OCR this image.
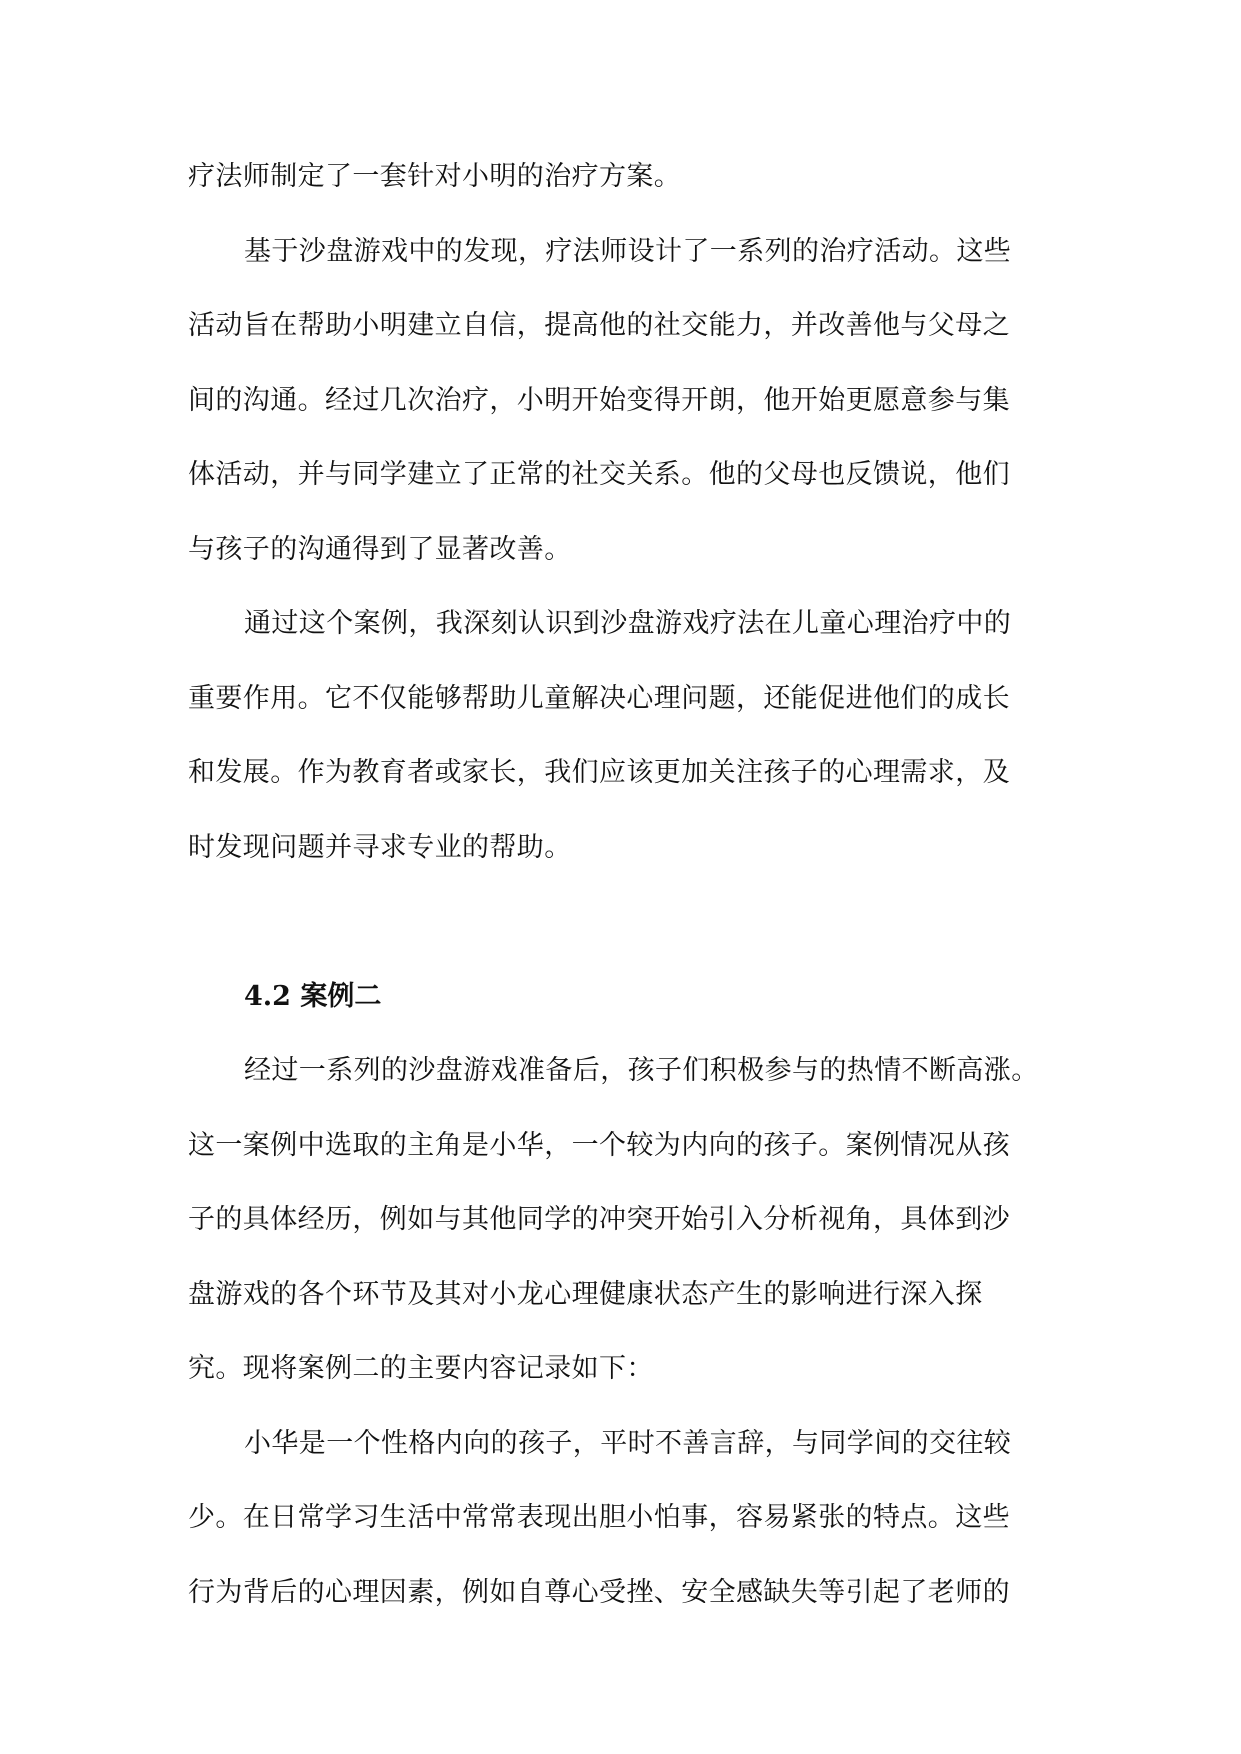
疗法师制定了一套针对小明的治疗方案。
基于沙盘游戏中的发现，疗法师设计了一系列的治疗活动。这些
活动旨在帮助小明建立自信，提高他的社交能力，并改善他与父母之
间的沟通。经过几次治疗，小明开始变得开朗，他开始更愿意参与集
体活动，并与同学建立了正常的社交关系。他的父母也反馈说，他们
与孩子的沟通得到了显著改善。
通过这个案例，我深刻认识到沙盘游戏疗法在儿童心理治疗中的
重要作用。它不仅能够帮助儿童解决心理问题，还能促进他们的成长
和发展。作为教育者或家长，我们应该更加关注孩子的心理需求，及
时发现问题并寻求专业的帮助。
4.2 案例二
经过一系列的沙盘游戏准备后，孩子们积极参与的热情不断高涨。
这一案例中选取的主角是小华，一个较为内向的孩子。案例情况从孩
子的具体经历，例如与其他同学的冲突开始引入分析视角，具体到沙
盘游戏的各个环节及其对小龙心理健康状态产生的影响进行深入探
究。现将案例二的主要内容记录如下：
小华是一个性格内向的孩子，平时不善言辞，与同学间的交往较
少。在日常学习生活中常常表现出胆小怕事，容易紧张的特点。这些
行为背后的心理因素，例如自尊心受挫、安全感缺失等引起了老师的
